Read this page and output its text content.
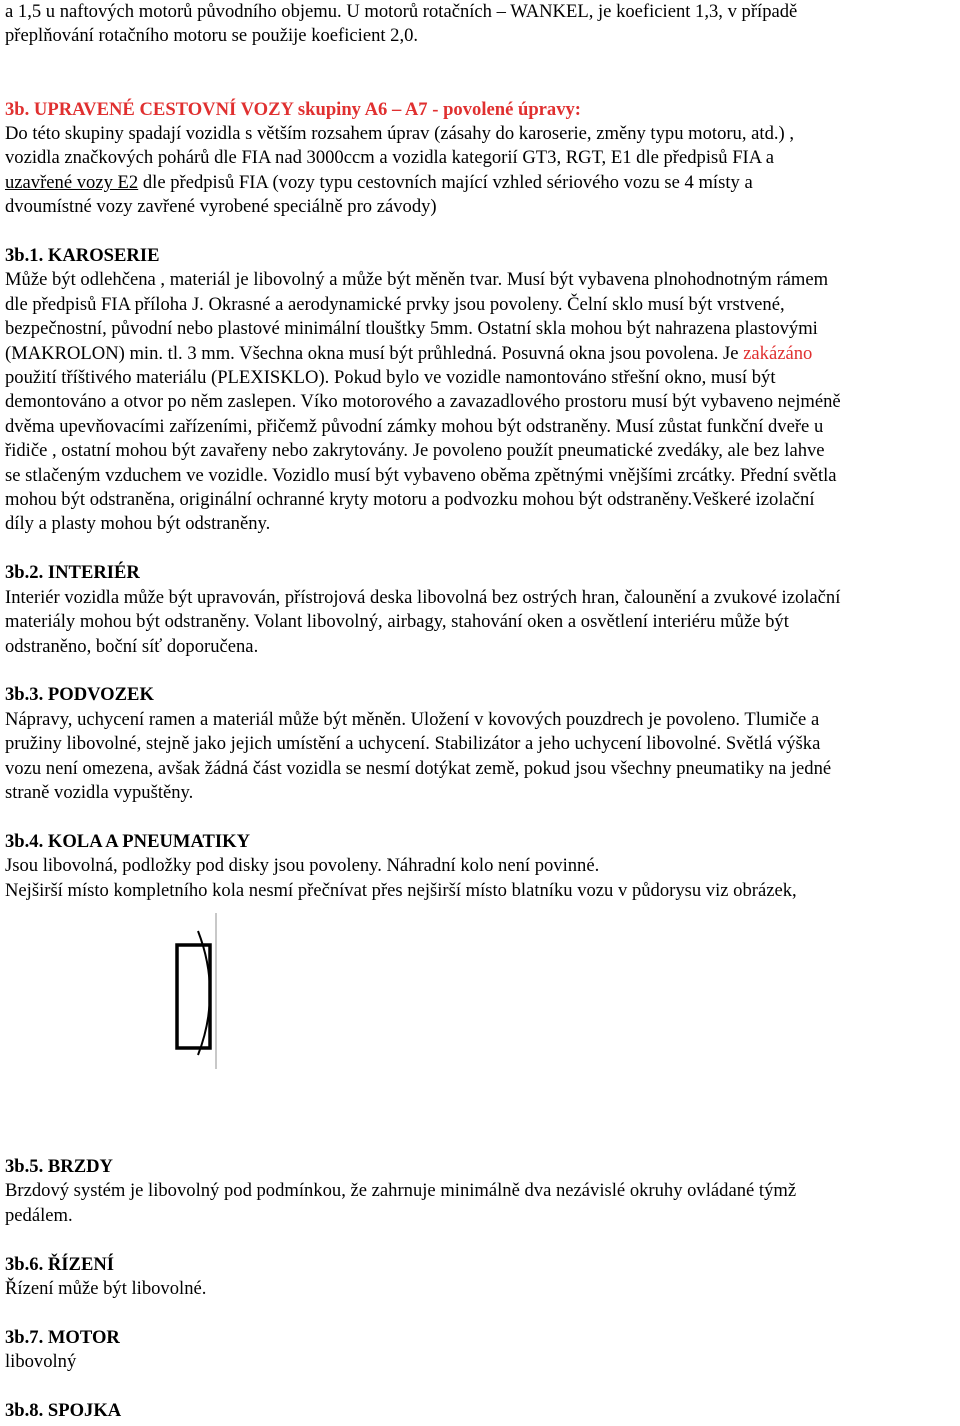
a 1,5 u naftových motorů původního objemu. U motorů rotačních – WANKEL, je koeficient 1,3, v případě

přeplňování rotačního motoru se použije koeficient 2,0.

3b. UPRAVENÉ CESTOVNÍ VOZY skupiny A6 – A7 - povolené úpravy:

Do této skupiny spadají vozidla s větším rozsahem úprav (zásahy do karoserie, změny typu motoru, atd.) ,

vozidla značkových pohárů dle FIA nad 3000ccm a vozidla kategorií GT3, RGT, E1 dle předpisů FIA a

uzavřené vozy E2 dle předpisů FIA (vozy typu cestovních mající vzhled sériového vozu se 4 místy a

dvoumístné vozy zavřené vyrobené speciálně pro závody)

3b.1. KAROSERIE

Může být odlehčena , materiál je libovolný a může být měněn tvar. Musí být vybavena plnohodnotným rámem

dle předpisů FIA příloha J. Okrasné a aerodynamické prvky jsou povoleny. Čelní sklo musí být vrstvené,

bezpečnostní, původní nebo plastové minimální tlouštky 5mm. Ostatní skla mohou být nahrazena plastovými

(MAKROLON) min. tl. 3 mm. Všechna okna musí být průhledná. Posuvná okna jsou povolena. Je zakázáno

použití tříštivého materiálu (PLEXISKLO). Pokud bylo ve vozidle namontováno střešní okno, musí být

demontováno a otvor po něm zaslepen. Víko motorového a zavazadlového prostoru musí být vybaveno nejméně

dvěma upevňovacími zařízeními, přičemž původní zámky mohou být odstraněny. Musí zůstat funkční dveře u

řidiče , ostatní mohou být zavařeny nebo zakrytovány. Je povoleno použít pneumatické zvedáky, ale bez lahve

se stlačeným vzduchem ve vozidle. Vozidlo musí být vybaveno oběma zpětnými vnějšími zrcátky. Přední světla

mohou být odstraněna, originální ochranné kryty motoru a podvozku mohou být odstraněny.Veškeré izolační

díly a plasty mohou být odstraněny.

3b.2. INTERIÉR

Interiér vozidla může být upravován, přístrojová deska libovolná bez ostrých hran, čalounění a zvukové izolační

materiály mohou být odstraněny. Volant libovolný, airbagy, stahování oken a osvětlení interiéru může být

odstraněno, boční síť doporučena.

3b.3. PODVOZEK

Nápravy, uchycení ramen a materiál může být měněn. Uložení v kovových pouzdrech je povoleno. Tlumiče a

pružiny libovolné, stejně jako jejich umístění a uchycení. Stabilizátor a jeho uchycení libovolné. Světlá výška

vozu není omezena, avšak žádná část vozidla se nesmí dotýkat země, pokud jsou všechny pneumatiky na jedné

straně vozidla vypuštěny.

3b.4. KOLA A PNEUMATIKY

Jsou libovolná, podložky pod disky jsou povoleny. Náhradní kolo není povinné.

Nejširší místo kompletního kola nesmí přečnívat přes nejširší místo blatníku vozu v půdorysu viz obrázek,

3b.5. BRZDY

Brzdový systém je libovolný pod podmínkou, že zahrnuje minimálně dva nezávislé okruhy ovládané týmž

pedálem.

3b.6. ŘÍZENÍ

Řízení může být libovolné.

3b.7. MOTOR

libovolný

3b.8. SPOJKA
